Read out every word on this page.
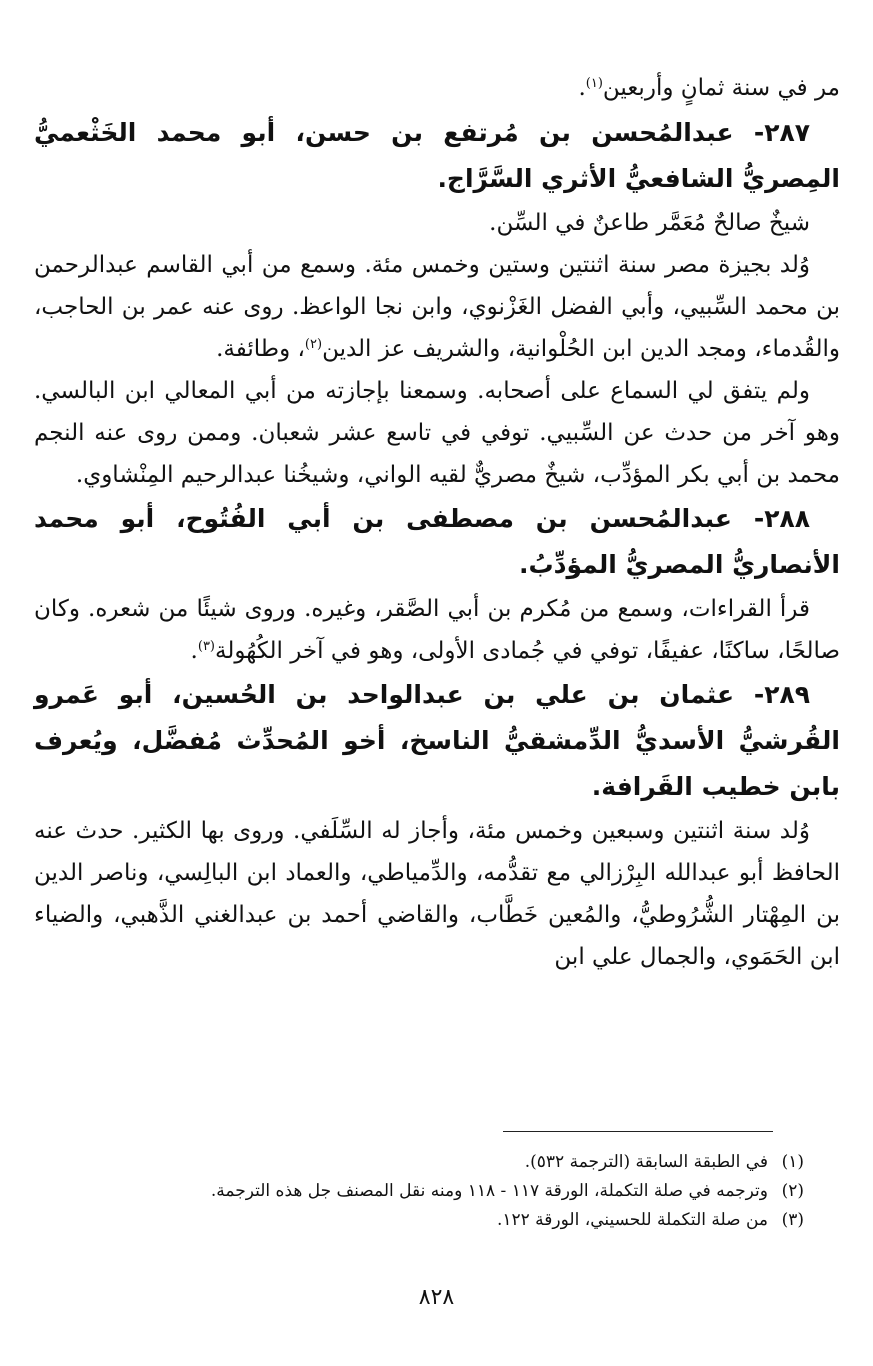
مر في سنة ثمانٍ وأربعين$^{(١)}$.

٢٨٧- عبدالمُحسن بن مُرتفع بن حسن، أبو محمد الخَثْعميُّ المِصريُّ الشافعيُّ الأثري السَّرَّاج.

شيخٌ صالحٌ مُعَمَّر طاعنٌ في السِّن.

وُلد بجيزة مصر سنة اثنتين وستين وخمس مئة. وسمع من أبي القاسم عبدالرحمن بن محمد السِّبيي، وأبي الفضل الغَزْنوي، وابن نجا الواعظ. روى عنه عمر بن الحاجب، والقُدماء، ومجد الدين ابن الحُلْوانية، والشريف عز الدين$^{(٢)}$، وطائفة.

ولم يتفق لي السماع على أصحابه. وسمعنا بإجازته من أبي المعالي ابن البالسي. وهو آخر من حدث عن السِّبيي. توفي في تاسع عشر شعبان. وممن روى عنه النجم محمد بن أبي بكر المؤدِّب، شيخٌ مصريٌّ لقيه الواني، وشيخُنا عبدالرحيم المِنْشاوي.

٢٨٨- عبدالمُحسن بن مصطفى بن أبي الفُتُوح، أبو محمد الأنصاريُّ المصريُّ المؤدِّبُ.

قرأ القراءات، وسمع من مُكرم بن أبي الصَّقر، وغيره. وروى شيئًا من شعره. وكان صالحًا، ساكنًا، عفيفًا، توفي في جُمادى الأولى، وهو في آخر الكُهُولة$^{(٣)}$.

٢٨٩- عثمان بن علي بن عبدالواحد بن الحُسين، أبو عَمرو القُرشيُّ الأسديُّ الدِّمشقيُّ الناسخ، أخو المُحدِّث مُفضَّل، ويُعرف بابن خطيب القَرافة.

وُلد سنة اثنتين وسبعين وخمس مئة، وأجاز له السِّلَفي. وروى بها الكثير. حدث عنه الحافظ أبو عبدالله البِرْزالي مع تقدُّمه، والدِّمياطي، والعماد ابن البالِسي، وناصر الدين بن المِهْتار الشُّرُوطيُّ، والمُعين خَطَّاب، والقاضي أحمد بن عبدالغني الذَّهبي، والضياء ابن الحَمَوي، والجمال علي ابن

(١)في الطبقة السابقة (الترجمة ٥٣٢).
(٢)وترجمه في صلة التكملة، الورقة ١١٧ - ١١٨ ومنه نقل المصنف جل هذه الترجمة.
(٣)من صلة التكملة للحسيني، الورقة ١٢٢.
٨٢٨
